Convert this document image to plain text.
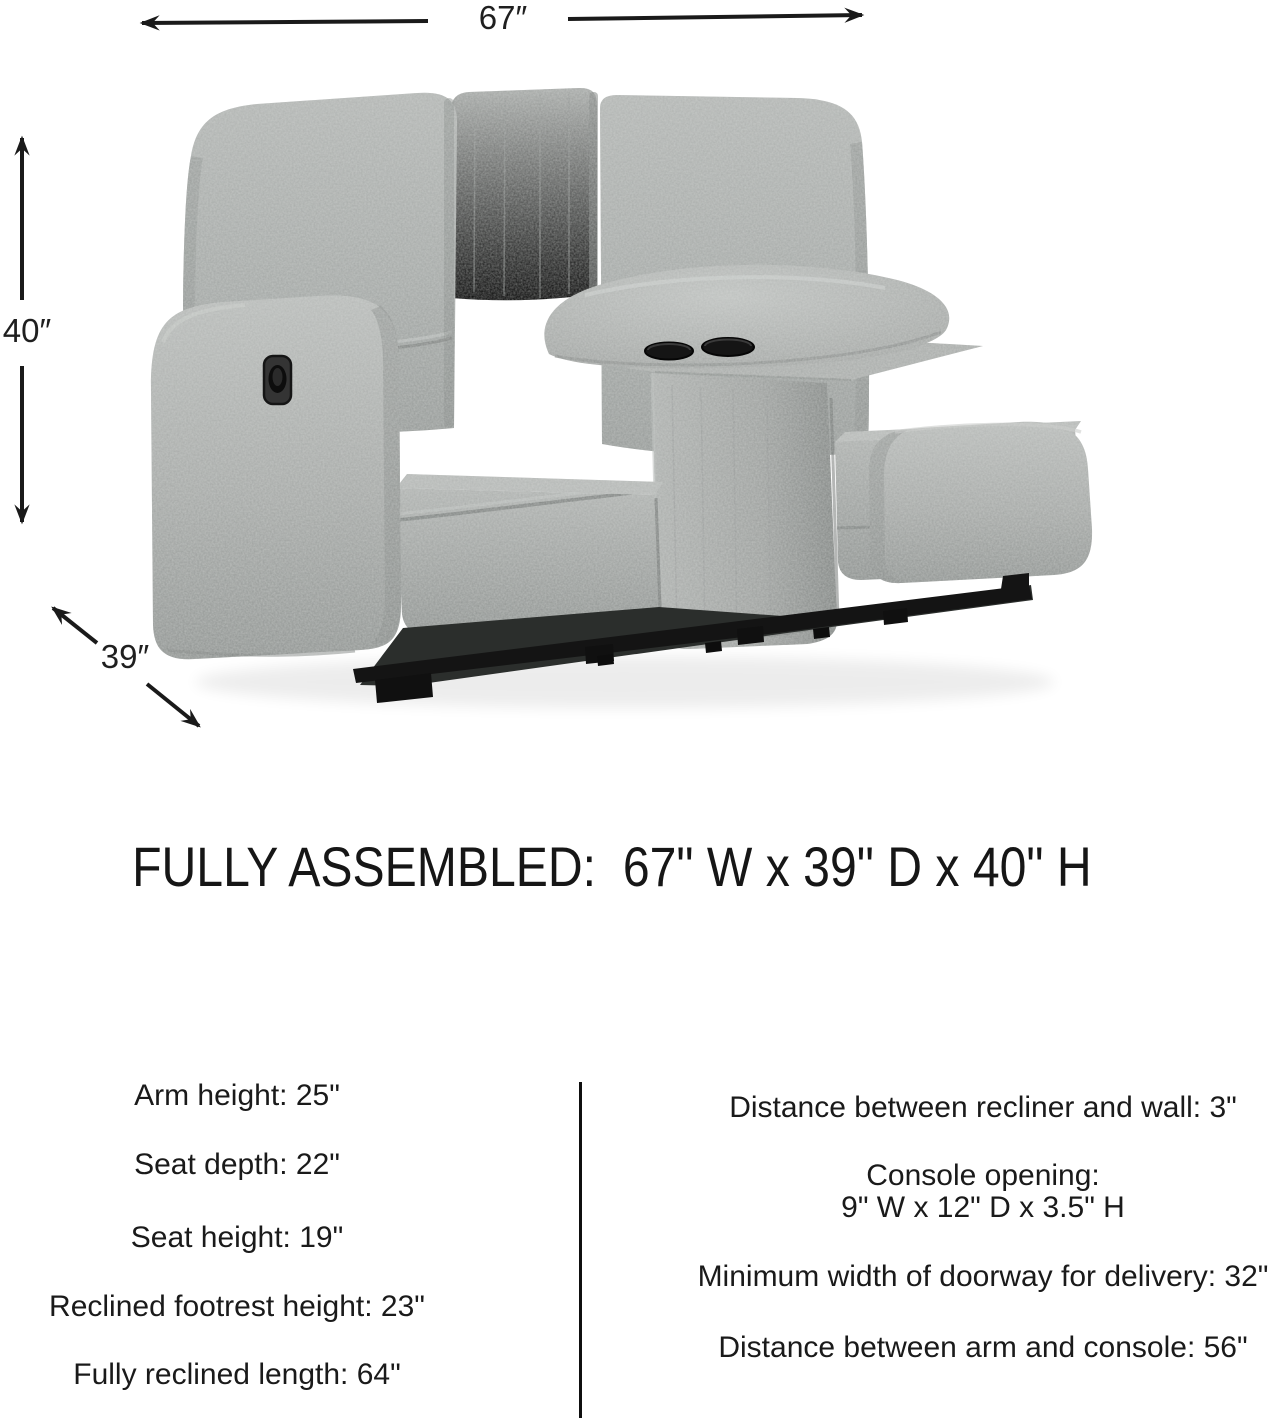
67″
40″
39″
FULLY ASSEMBLED:  67" W x 39" D x 40" H
Arm height: 25"
Seat depth: 22"
Seat height: 19"
Reclined footrest height: 23"
Fully reclined length: 64"
Distance between recliner and wall: 3"
Console opening:
9" W x 12" D x 3.5" H
Minimum width of doorway for delivery: 32"
Distance between arm and console: 56"
